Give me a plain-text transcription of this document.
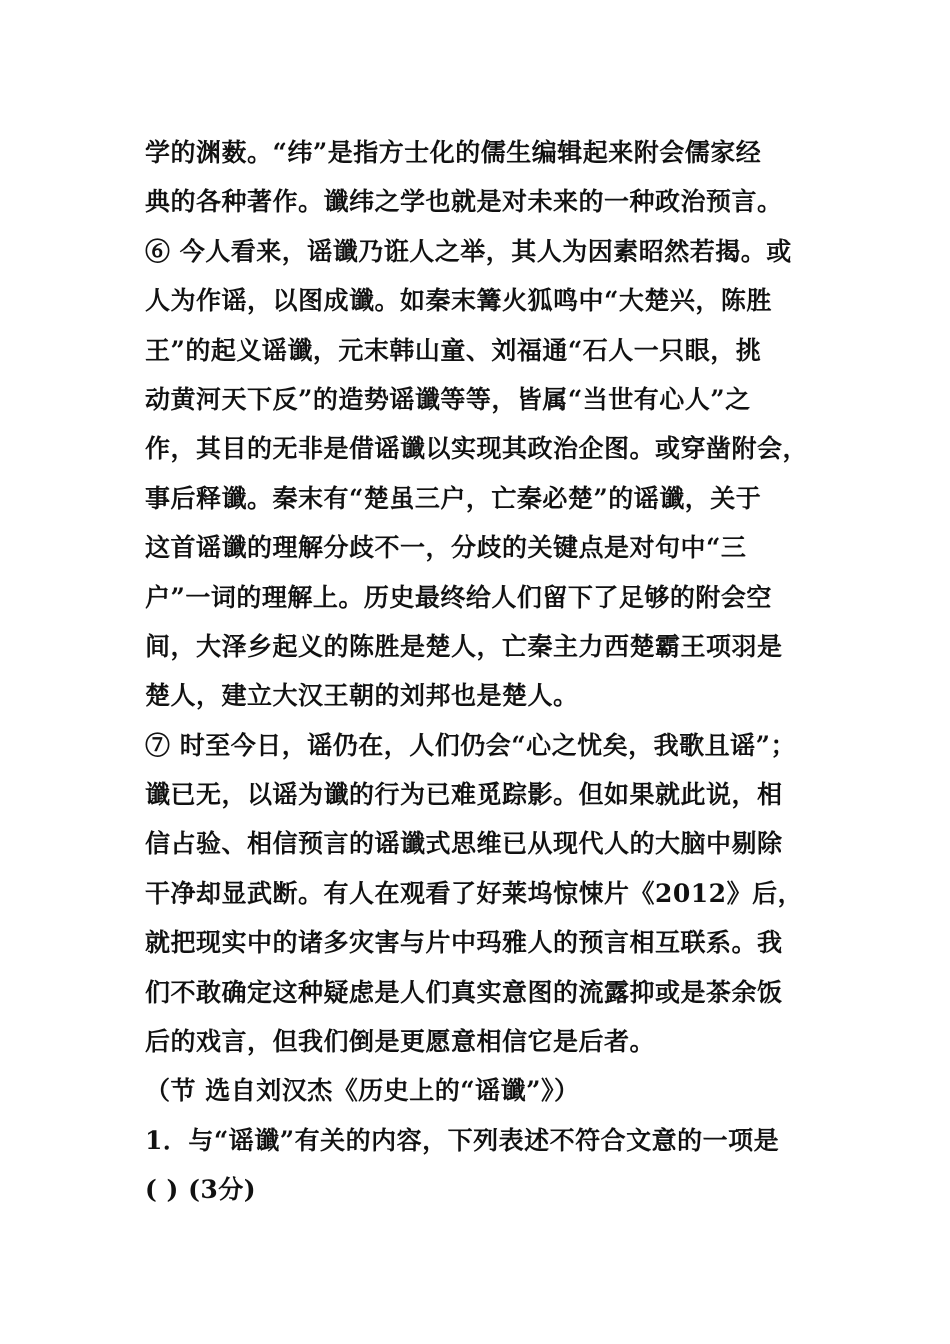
学的渊薮。“纬”是指方士化的儒生编辑起来附会儒家经
典的各种著作。谶纬之学也就是对未来的一种政治预言。
⑥ 今人看来，谣谶乃诳人之举，其人为因素昭然若揭。或
人为作谣，以图成谶。如秦末篝火狐鸣中“大楚兴，陈胜
王”的起义谣谶，元末韩山童、刘福通“石人一只眼，挑
动黄河天下反”的造势谣谶等等，皆属“当世有心人”之
作，其目的无非是借谣谶以实现其政治企图。或穿凿附会，
事后释谶。秦末有“楚虽三户，亡秦必楚”的谣谶，关于
这首谣谶的理解分歧不一，分歧的关键点是对句中“三
户”一词的理解上。历史最终给人们留下了足够的附会空
间，大泽乡起义的陈胜是楚人，亡秦主力西楚霸王项羽是
楚人，建立大汉王朝的刘邦也是楚人。
⑦ 时至今日，谣仍在，人们仍会“心之忧矣，我歌且谣”；
谶已无，以谣为谶的行为已难觅踪影。但如果就此说，相
信占验、相信预言的谣谶式思维已从现代人的大脑中剔除
干净却显武断。有人在观看了好莱坞惊悚片《2012》后，
就把现实中的诸多灾害与片中玛雅人的预言相互联系。我
们不敢确定这种疑虑是人们真实意图的流露抑或是茶余饭
后的戏言，但我们倒是更愿意相信它是后者。
（节 选自刘汉杰《历史上的“谣谶”》）
1．与“谣谶”有关的内容，下列表述不符合文意的一项是
( ) (3分)
